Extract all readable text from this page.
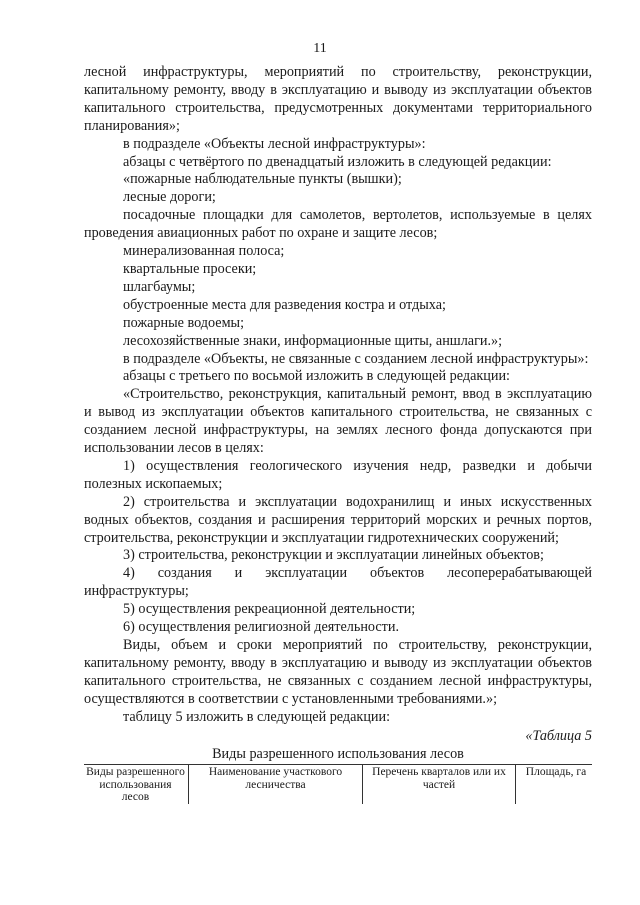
11

лесной инфраструктуры, мероприятий по строительству, реконструкции, капитальному ремонту, вводу в эксплуатацию и выводу из эксплуатации объектов капитального строительства, предусмотренных документами территориального планирования»;

в подразделе «Объекты лесной инфраструктуры»:

абзацы с четвёртого по двенадцатый изложить в следующей редакции:

«пожарные наблюдательные пункты (вышки);

лесные дороги;

посадочные площадки для самолетов, вертолетов, используемые в целях проведения авиационных работ по охране и защите лесов;

минерализованная полоса;

квартальные просеки;

шлагбаумы;

обустроенные места для разведения костра и отдыха;

пожарные водоемы;

лесохозяйственные знаки, информационные щиты, аншлаги.»;

в подразделе «Объекты, не связанные с созданием лесной инфраструктуры»:

абзацы с третьего по восьмой изложить в следующей редакции:

«Строительство, реконструкция, капитальный ремонт, ввод в эксплуатацию и вывод из эксплуатации объектов капитального строительства, не связанных с созданием лесной инфраструктуры, на землях лесного фонда допускаются при использовании лесов в целях:

1) осуществления геологического изучения недр, разведки и добычи полезных ископаемых;

2) строительства и эксплуатации водохранилищ и иных искусственных водных объектов, создания и расширения территорий морских и речных портов, строительства, реконструкции и эксплуатации гидротехнических сооружений;

3) строительства, реконструкции и эксплуатации линейных объектов;

4) создания и эксплуатации объектов лесоперерабатывающей инфраструктуры;

5) осуществления рекреационной деятельности;

6) осуществления религиозной деятельности.

Виды, объем и сроки мероприятий по строительству, реконструкции, капитальному ремонту, вводу в эксплуатацию и выводу из эксплуатации объектов капитального строительства, не связанных с созданием лесной инфраструктуры, осуществляются в соответствии с установленными требованиями.»;

таблицу 5 изложить в следующей редакции:

«Таблица 5
Виды разрешенного использования лесов
Виды разрешенного использования лесов	Наименование участкового лесничества	Перечень кварталов или их частей	Площадь, га
